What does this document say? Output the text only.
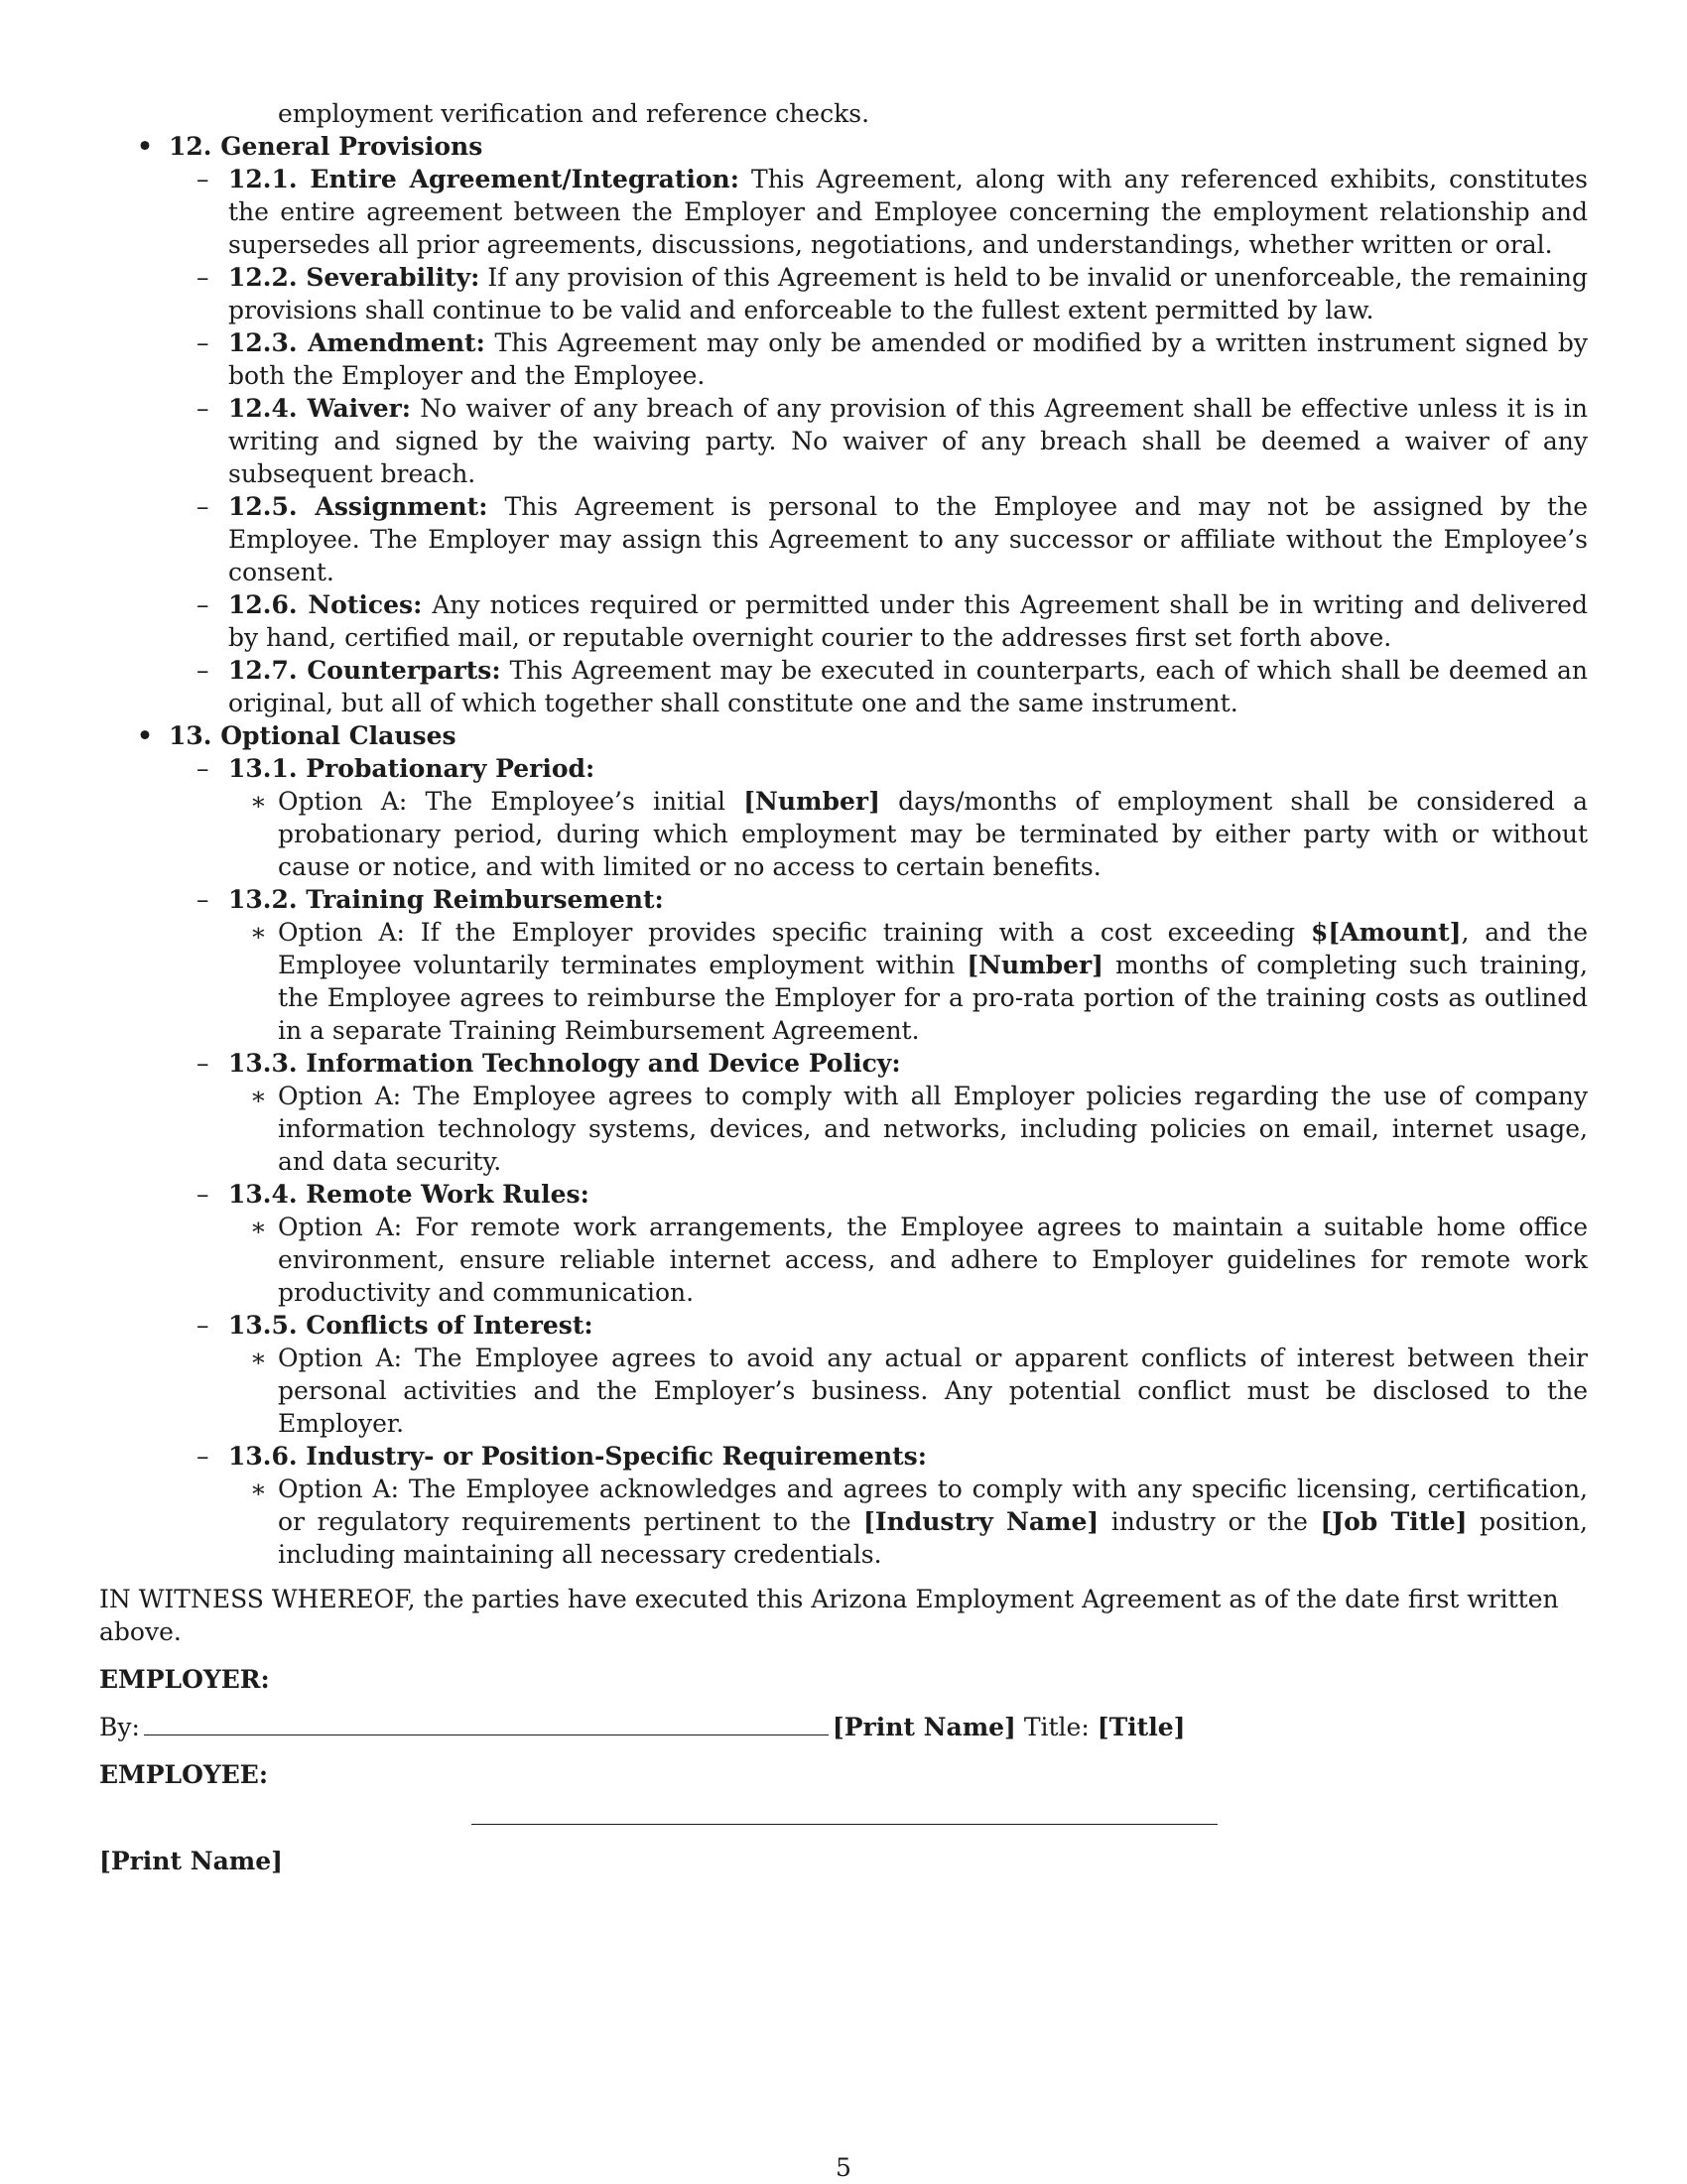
employment verification and reference checks.
• 12. General Provisions
– 12.1. Entire Agreement/Integration: This Agreement, along with any referenced exhibits, constitutes the entire agreement between the Employer and Employee concerning the employment relationship and supersedes all prior agreements, discussions, negotiations, and understandings, whether written or oral.
– 12.2. Severability: If any provision of this Agreement is held to be invalid or unenforceable, the remaining provisions shall continue to be valid and enforceable to the fullest extent permitted by law.
– 12.3. Amendment: This Agreement may only be amended or modified by a written instrument signed by both the Employer and the Employee.
– 12.4. Waiver: No waiver of any breach of any provision of this Agreement shall be effective unless it is in writing and signed by the waiving party. No waiver of any breach shall be deemed a waiver of any subsequent breach.
– 12.5. Assignment: This Agreement is personal to the Employee and may not be assigned by the Employee. The Employer may assign this Agreement to any successor or affiliate without the Employee’s consent.
– 12.6. Notices: Any notices required or permitted under this Agreement shall be in writing and delivered by hand, certified mail, or reputable overnight courier to the addresses first set forth above.
– 12.7. Counterparts: This Agreement may be executed in counterparts, each of which shall be deemed an original, but all of which together shall constitute one and the same instrument.
• 13. Optional Clauses
– 13.1. Probationary Period:
∗ Option A: The Employee’s initial [Number] days/months of employment shall be considered a probationary period, during which employment may be terminated by either party with or without cause or notice, and with limited or no access to certain benefits.
– 13.2. Training Reimbursement:
∗ Option A: If the Employer provides specific training with a cost exceeding $[Amount], and the Employee voluntarily terminates employment within [Number] months of completing such training, the Employee agrees to reimburse the Employer for a pro-rata portion of the training costs as outlined in a separate Training Reimbursement Agreement.
– 13.3. Information Technology and Device Policy:
∗ Option A: The Employee agrees to comply with all Employer policies regarding the use of company information technology systems, devices, and networks, including policies on email, internet usage, and data security.
– 13.4. Remote Work Rules:
∗ Option A: For remote work arrangements, the Employee agrees to maintain a suitable home office environment, ensure reliable internet access, and adhere to Employer guidelines for remote work productivity and communication.
– 13.5. Conflicts of Interest:
∗ Option A: The Employee agrees to avoid any actual or apparent conflicts of interest between their personal activities and the Employer’s business. Any potential conflict must be disclosed to the Employer.
– 13.6. Industry- or Position-Specific Requirements:
∗ Option A: The Employee acknowledges and agrees to comply with any specific licensing, certification, or regulatory requirements pertinent to the [Industry Name] industry or the [Job Title] position, including maintaining all necessary credentials.
IN WITNESS WHEREOF, the parties have executed this Arizona Employment Agreement as of the date first written above.
EMPLOYER:
By:	[Print Name] Title: [Title]
EMPLOYEE:
[Print Name]
5
